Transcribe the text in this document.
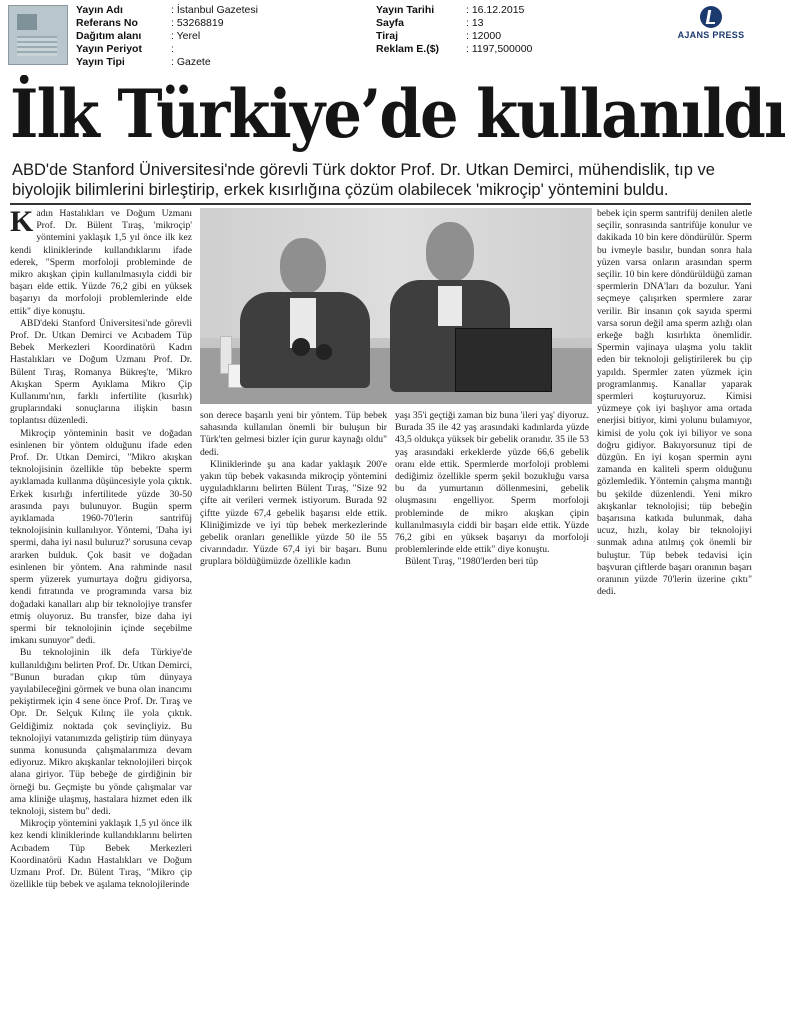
Yayın Adı	: İstanbul Gazetesi
Referans No	: 53268819
Dağıtım alanı	: Yerel
Yayın Periyot	:
Yayın Tipi	: Gazete
Yayın Tarihi	: 16.12.2015
Sayfa	: 13
Tiraj	: 12000
Reklam E.($)	: 1197,500000
AJANS PRESS
İlk Türkiye’de kullanıldı
ABD'de Stanford Üniversitesi'nde görevli Türk doktor Prof. Dr. Utkan Demirci, mühendislik, tıp ve biyolojik bilimlerini birleştirip, erkek kısırlığına çözüm olabilecek 'mikroçip' yöntemini buldu.

Kadın Hastalıkları ve Doğum Uzmanı Prof. Dr. Bülent Tıraş, 'mikroçip' yöntemini yaklaşık 1,5 yıl önce ilk kez kendi kliniklerinde kullandıklarını ifade ederek, "Sperm morfoloji probleminde de mikro akışkan çipin kullanılmasıyla ciddi bir başarı elde ettik. Yüzde 76,2 gibi en yüksek başarıyı da morfoloji problemlerinde elde ettik" diye konuştu.

ABD'deki Stanford Üniversitesi'nde görevli Prof. Dr. Utkan Demirci ve Acıbadem Tüp Bebek Merkezleri Koordinatörü Kadın Hastalıkları ve Doğum Uzmanı Prof. Dr. Bülent Tıraş, Romanya Bükreş'te, 'Mikro Akışkan Sperm Ayıklama Mikro Çip Kullanımı'nın, farklı infertilite (kısırlık) gruplarındaki sonuçlarına ilişkin basın toplantısı düzenledi.

Mikroçip yönteminin basit ve doğadan esinlenen bir yöntem olduğunu ifade eden Prof. Dr. Utkan Demirci, "Mikro akışkan teknolojisinin özellikle tüp bebekte sperm ayıklamada kullanma düşüncesiyle yola çıktık. Erkek kısırlığı infertilitede yüzde 30-50 arasında payı bulunuyor. Bugün sperm ayıklamada 1960-70'lerin santrifüj teknolojisinin kullanılıyor. Yöntemi, 'Daha iyi spermi, daha iyi nasıl buluruz?' sorusuna cevap ararken bulduk. Çok basit ve doğadan esinlenen bir yöntem. Ana rahminde nasıl sperm yüzerek yumurtaya doğru gidiyorsa, kendi fıtratında ve programında varsa biz doğadaki kanalları alıp bir teknolojiye transfer etmiş oluyoruz. Bu transfer, bize daha iyi spermi bir teknolojinin içinde seçebilme imkanı sunuyor" dedi.

Bu teknolojinin ilk defa Türkiye'de kullanıldığını belirten Prof. Dr. Utkan Demirci, "Bunun buradan çıkıp tüm dünyaya yayılabileceğini görmek ve buna olan inancımı pekiştirmek için 4 sene önce Prof. Dr. Tıraş ve Opr. Dr. Selçuk Kılınç ile yola çıktık. Geldiğimiz noktada çok sevinçliyiz. Bu teknolojiyi vatanımızda geliştirip tüm dünyaya sunma konusunda çalışmalarımıza devam ediyoruz. Mikro akışkanlar teknolojileri birçok alana giriyor. Tüp bebeğe de girdiğinin bir örneği bu. Geçmişte bu yönde çalışmalar var ama kliniğe ulaşmış, hastalara hizmet eden ilk teknoloji, sistem bu" dedi.

Mikroçip yöntemini yaklaşık 1,5 yıl önce ilk kez kendi kliniklerinde kullandıklarını belirten Acıbadem Tüp Bebek Merkezleri Koordinatörü Kadın Hastalıkları ve Doğum Uzmanı Prof. Dr. Bülent Tıraş, "Mikro çip özellikle tüp bebek ve aşılama teknolojilerinde

son derece başarılı yeni bir yöntem. Tüp bebek sahasında kullanılan önemli bir buluşun bir Türk'ten gelmesi bizler için gurur kaynağı oldu" dedi.

Kliniklerinde şu ana kadar yaklaşık 200'e yakın tüp bebek vakasında mikroçip yöntemini uyguladıklarını belirten Bülent Tıraş, "Size 92 çifte ait verileri vermek istiyorum. Burada 92 çiftte yüzde 67,4 gebelik başarısı elde ettik. Kliniğimizde ve iyi tüp bebek merkezlerinde gebelik oranları genellikle yüzde 50 ile 55 civarındadır. Yüzde 67,4 iyi bir başarı. Bunu gruplara böldüğümüzde özellikle kadın

yaşı 35'i geçtiği zaman biz buna 'ileri yaş' diyoruz. Burada 35 ile 42 yaş arasındaki kadınlarda yüzde 43,5 oldukça yüksek bir gebelik oranıdır. 35 ile 53 yaş arasındaki erkeklerde yüzde 66,6 gebelik oranı elde ettik. Spermlerde morfoloji problemi dediğimiz özellikle sperm şekil bozukluğu varsa bu da yumurtanın döllenmesini, gebelik oluşmasını engelliyor. Sperm morfoloji probleminde de mikro akışkan çipin kullanılmasıyla ciddi bir başarı elde ettik. Yüzde 76,2 gibi en yüksek başarıyı da morfoloji problemlerinde elde ettik" diye konuştu.

Bülent Tıraş, "1980'lerden beri tüp

bebek için sperm santrifüj denilen aletle seçilir, sonrasında santrifüje konulur ve dakikada 10 bin kere döndürülür. Sperm bu ivmeyle basılır, bundan sonra hala yüzen varsa onların arasından sperm seçilir. 10 bin kere döndürüldüğü zaman spermlerin DNA'ları da bozulur. Yani seçmeye çalışırken spermlere zarar verilir. Bir insanın çok sayıda spermi varsa sorun değil ama sperm azlığı olan erkeğe bağlı kısırlıkta önemlidir. Spermin vajinaya ulaşma yolu taklit eden bir teknoloji geliştirilerek bu çip yapıldı. Spermler zaten yüzmek için programlanmış. Kanallar yaparak spermleri koşturuyoruz. Kimisi yüzmeye çok iyi başlıyor ama ortada enerjisi bitiyor, kimi yolunu bulamıyor, kimisi de yolu çok iyi biliyor ve sona doğru gidiyor. Bakıyorsunuz tipi de düzgün. En iyi koşan spermin aynı zamanda en kaliteli sperm olduğunu gözlemledik. Yöntemin çalışma mantığı bu şekilde düzenlendi. Yeni mikro akışkanlar teknolojisi; tüp bebeğin başarısına katkıda bulunmak, daha ucuz, hızlı, kolay bir teknolojiyi sunmak adına atılmış çok önemli bir buluştur. Tüp bebek tedavisi için başvuran çiftlerde başarı oranının başarı oranının yüzde 70'lerin üzerine çıktı" dedi.
